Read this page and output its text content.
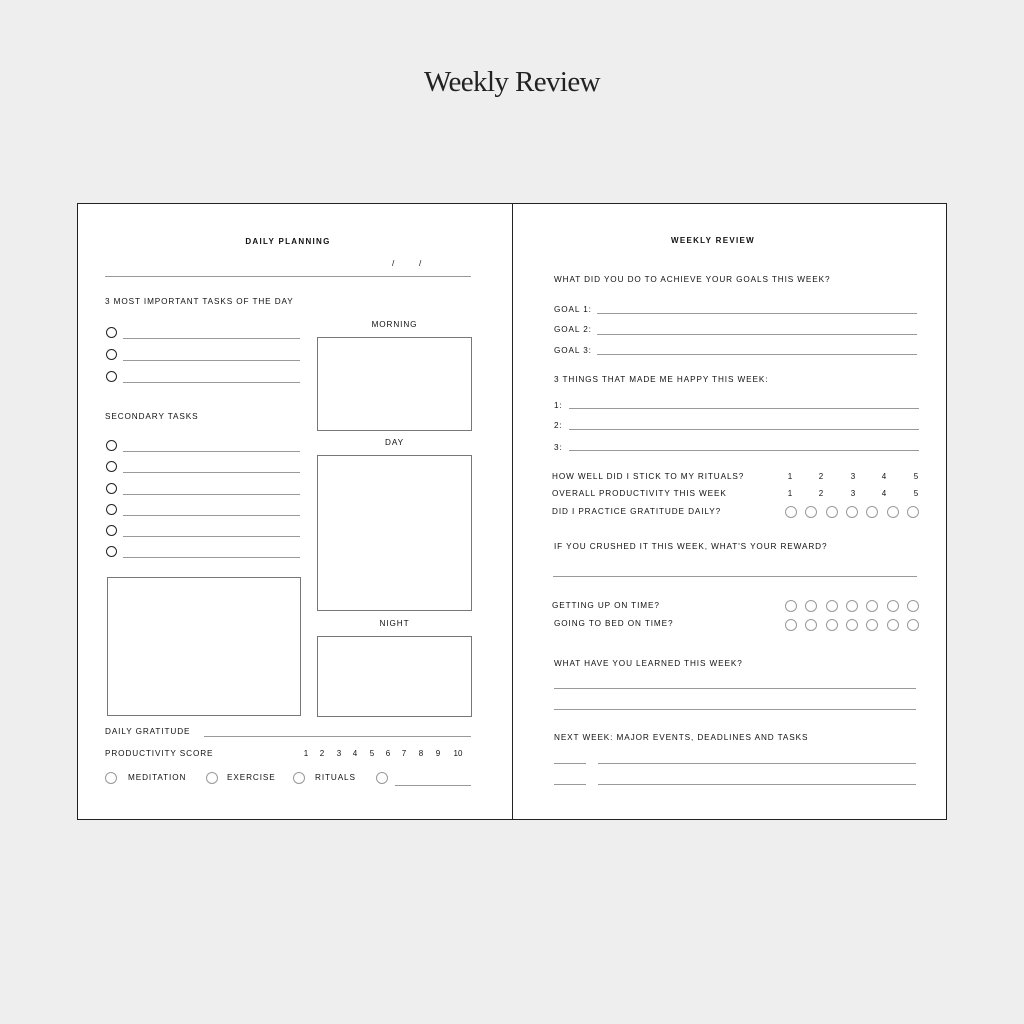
Weekly Review
DAILY PLANNING
/	/
3 MOST IMPORTANT TASKS OF THE DAY
SECONDARY TASKS
MORNING
DAY
NIGHT
DAILY GRATITUDE
PRODUCTIVITY SCORE	1	2	3	4	5	6	7	8	9	10
MEDITATION	EXERCISE	RITUALS
WEEKLY REVIEW
WHAT DID YOU DO TO ACHIEVE YOUR GOALS THIS WEEK?
GOAL 1:
GOAL 2:
GOAL 3:
3 THINGS THAT MADE ME HAPPY THIS WEEK:
1:
2:
3:
HOW WELL DID I STICK TO MY RITUALS?	1	2	3	4	5
OVERALL PRODUCTIVITY THIS WEEK	1	2	3	4	5
DID I PRACTICE GRATITUDE DAILY?
IF YOU CRUSHED IT THIS WEEK, WHAT'S YOUR REWARD?
GETTING UP ON TIME?
GOING TO BED ON TIME?
WHAT HAVE YOU LEARNED THIS WEEK?
NEXT WEEK: MAJOR EVENTS, DEADLINES AND TASKS
